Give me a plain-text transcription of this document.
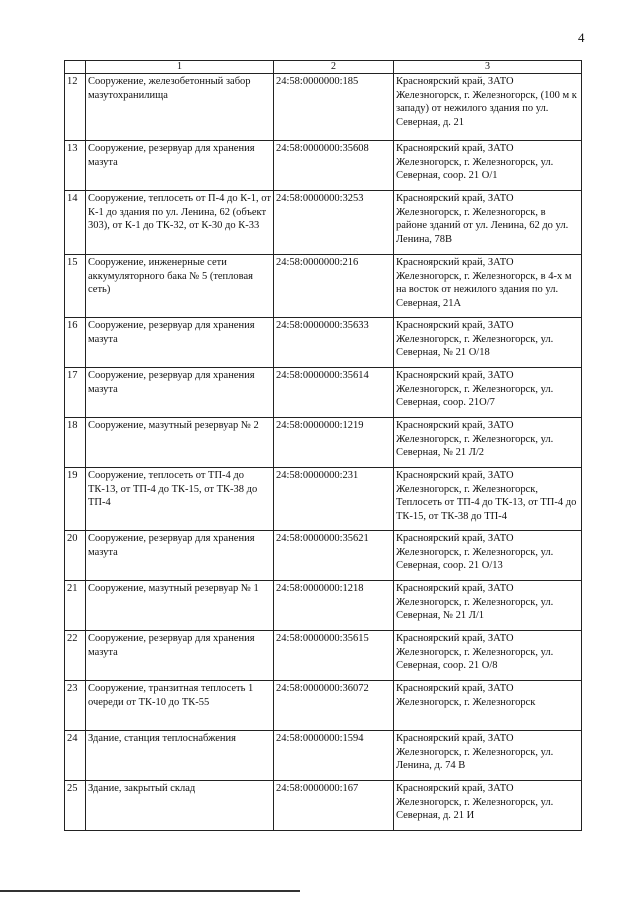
4
	1	2	3
12	Сооружение, железобетонный забор мазутохранилища	24:58:0000000:185	Красноярский край, ЗАТО Железногорск, г. Железногорск, (100 м к западу) от нежилого здания по ул. Северная, д. 21
13	Сооружение, резервуар для хранения мазута	24:58:0000000:35608	Красноярский край, ЗАТО Железногорск, г. Железногорск, ул. Северная, соор. 21 О/1
14	Сооружение, теплосеть от П-4 до К-1, от К-1 до здания по ул. Ленина, 62 (объект 303), от К-1 до ТК-32, от К-30 до К-33	24:58:0000000:3253	Красноярский край, ЗАТО Железногорск, г. Железногорск, в районе зданий от ул. Ленина, 62 до ул. Ленина, 78В
15	Сооружение, инженерные сети аккумуляторного бака № 5 (тепловая сеть)	24:58:0000000:216	Красноярский край, ЗАТО Железногорск, г. Железногорск, в 4-х м на восток от нежилого здания по ул. Северная, 21А
16	Сооружение, резервуар для хранения мазута	24:58:0000000:35633	Красноярский край, ЗАТО Железногорск, г. Железногорск, ул. Северная, № 21 О/18
17	Сооружение, резервуар для хранения мазута	24:58:0000000:35614	Красноярский край, ЗАТО Железногорск, г. Железногорск, ул. Северная, соор. 21О/7
18	Сооружение, мазутный резервуар № 2	24:58:0000000:1219	Красноярский край, ЗАТО Железногорск, г. Железногорск, ул. Северная, № 21 Л/2
19	Сооружение, теплосеть от ТП-4 до ТК-13, от ТП-4 до ТК-15, от ТК-38 до ТП-4	24:58:0000000:231	Красноярский край, ЗАТО Железногорск, г. Железногорск, Теплосеть от ТП-4 до ТК-13, от ТП-4 до ТК-15, от ТК-38 до ТП-4
20	Сооружение, резервуар для хранения мазута	24:58:0000000:35621	Красноярский край, ЗАТО Железногорск, г. Железногорск, ул. Северная, соор. 21 О/13
21	Сооружение, мазутный резервуар № 1	24:58:0000000:1218	Красноярский край, ЗАТО Железногорск, г. Железногорск, ул. Северная, № 21 Л/1
22	Сооружение, резервуар для хранения мазута	24:58:0000000:35615	Красноярский край, ЗАТО Железногорск, г. Железногорск, ул. Северная, соор. 21 О/8
23	Сооружение, транзитная теплосеть 1 очереди от ТК-10 до ТК-55	24:58:0000000:36072	Красноярский край, ЗАТО Железногорск, г. Железногорск
24	Здание, станция теплоснабжения	24:58:0000000:1594	Красноярский край, ЗАТО Железногорск, г. Железногорск, ул. Ленина, д. 74 В
25	Здание, закрытый склад	24:58:0000000:167	Красноярский край, ЗАТО Железногорск, г. Железногорск, ул. Северная, д. 21 И
